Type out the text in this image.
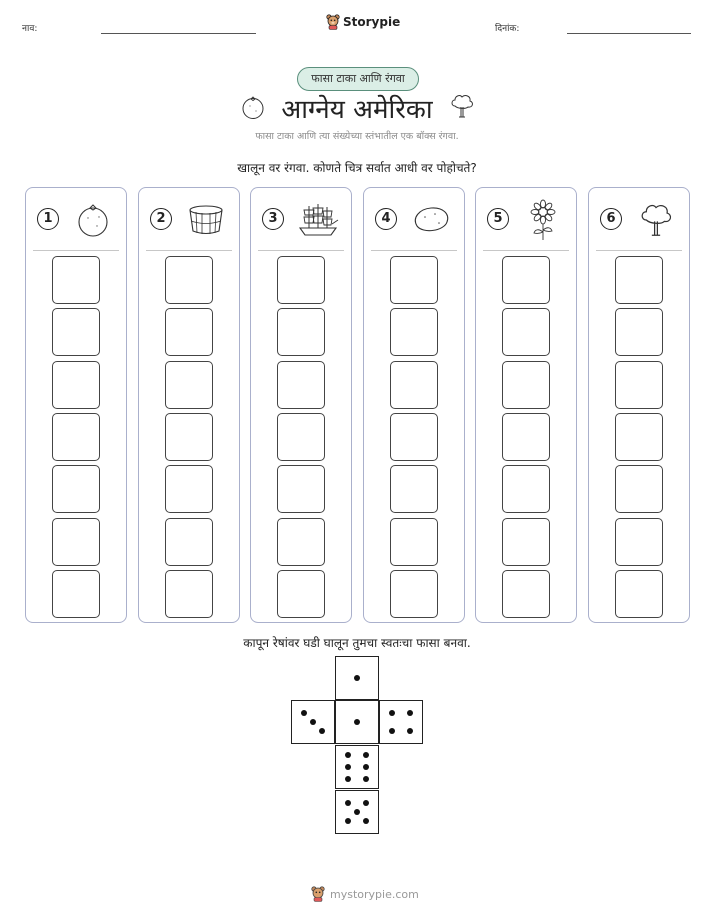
नाव:	Storypie	दिनांक:
फासा टाका आणि रंगवा
आग्नेय अमेरिका
फासा टाका आणि त्या संख्येच्या स्तंभातील एक बॉक्स रंगवा.
खालून वर रंगवा. कोणते चित्र सर्वात आधी वर पोहोचते?
1	2	3	4	5	6
कापून रेषांवर घडी घालून तुमचा स्वतःचा फासा बनवा.
mystorypie.com
